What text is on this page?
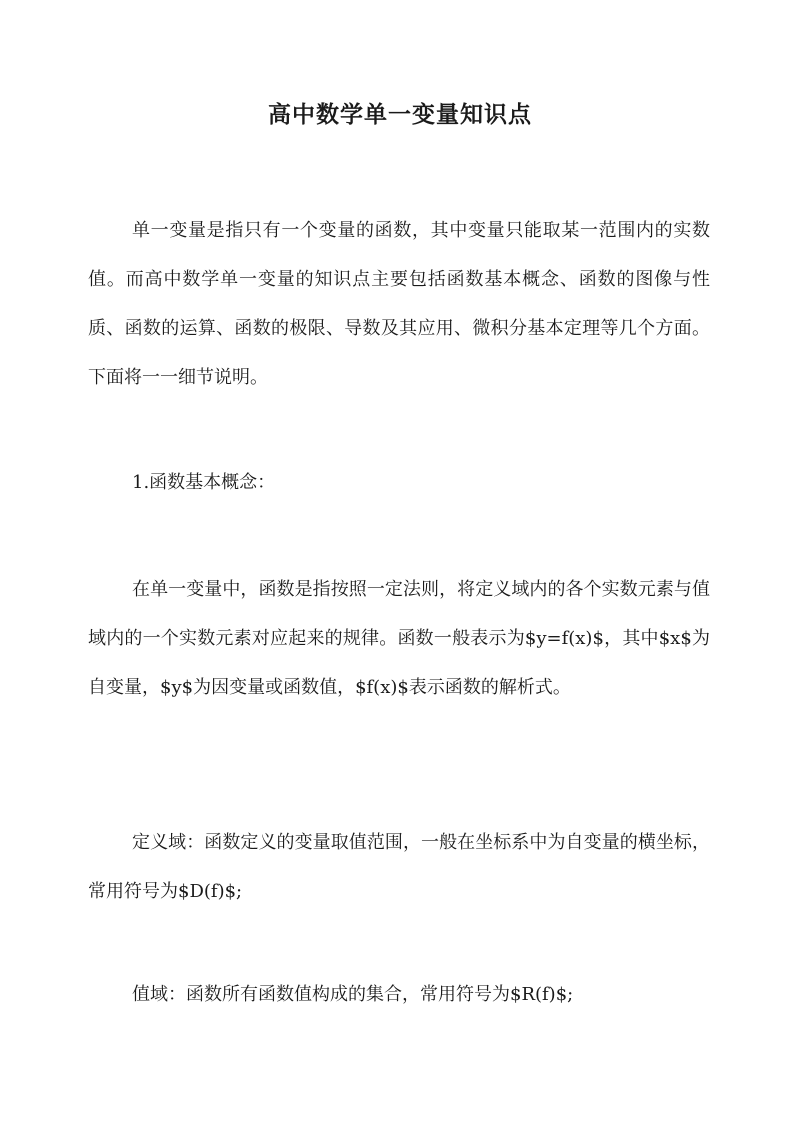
高中数学单一变量知识点

单一变量是指只有一个变量的函数，其中变量只能取某一范围内的实数值。而高中数学单一变量的知识点主要包括函数基本概念、函数的图像与性质、函数的运算、函数的极限、导数及其应用、微积分基本定理等几个方面。下面将一一细节说明。

1.函数基本概念：

在单一变量中，函数是指按照一定法则，将定义域内的各个实数元素与值域内的一个实数元素对应起来的规律。函数一般表示为$y=f(x)$，其中$x$为自变量，$y$为因变量或函数值，$f(x)$表示函数的解析式。

定义域：函数定义的变量取值范围，一般在坐标系中为自变量的横坐标，常用符号为$D(f)$;

值域：函数所有函数值构成的集合，常用符号为$R(f)$;
